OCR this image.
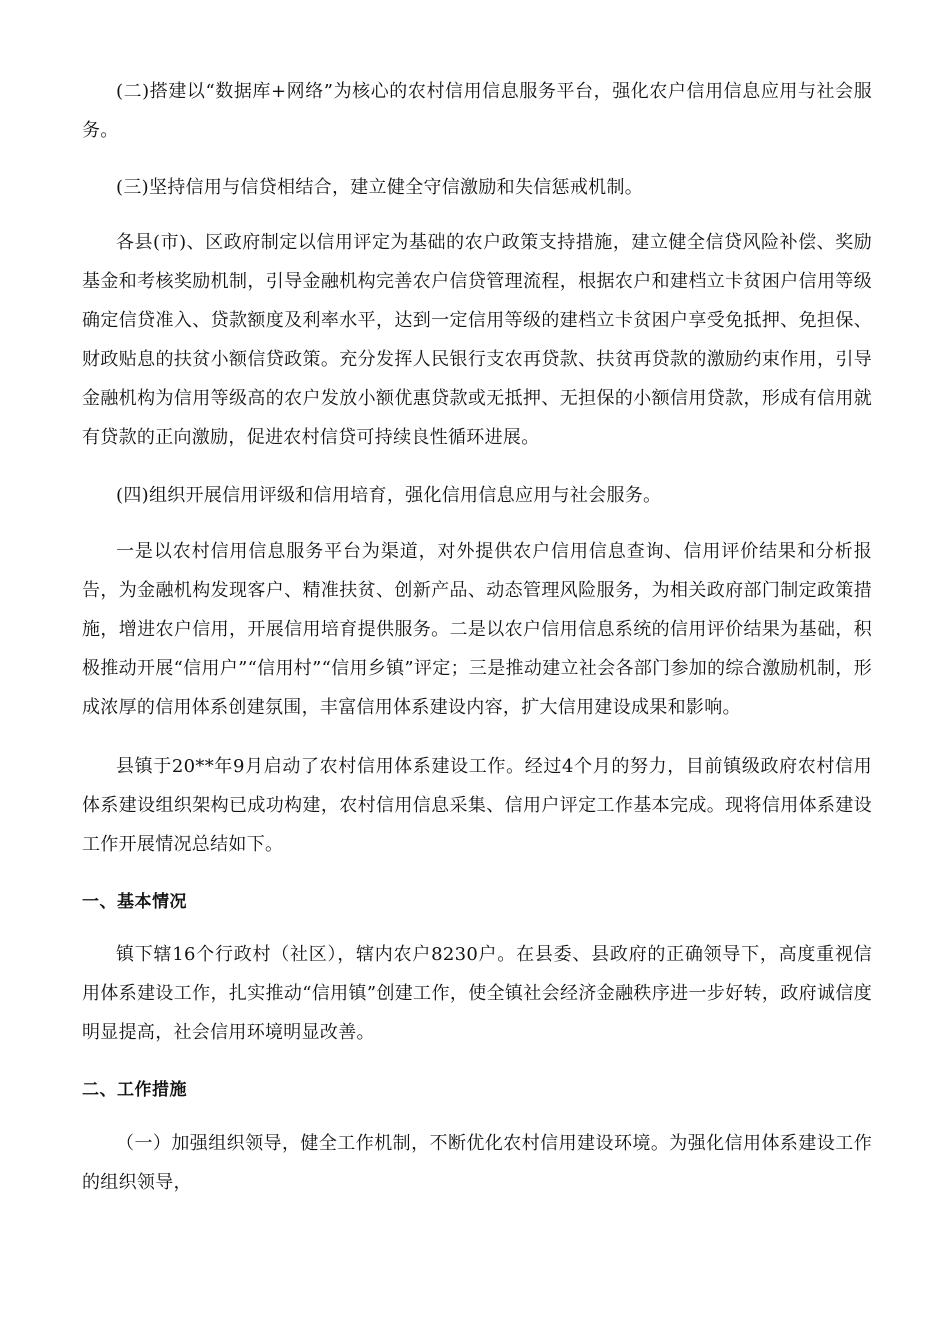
(二)搭建以“数据库+网络”为核心的农村信用信息服务平台，强化农户信用信息应用与社会服务。

(三)坚持信用与信贷相结合，建立健全守信激励和失信惩戒机制。

各县(市)、区政府制定以信用评定为基础的农户政策支持措施，建立健全信贷风险补偿、奖励基金和考核奖励机制，引导金融机构完善农户信贷管理流程，根据农户和建档立卡贫困户信用等级确定信贷准入、贷款额度及利率水平，达到一定信用等级的建档立卡贫困户享受免抵押、免担保、财政贴息的扶贫小额信贷政策。充分发挥人民银行支农再贷款、扶贫再贷款的激励约束作用，引导金融机构为信用等级高的农户发放小额优惠贷款或无抵押、无担保的小额信用贷款，形成有信用就有贷款的正向激励，促进农村信贷可持续良性循环进展。

(四)组织开展信用评级和信用培育，强化信用信息应用与社会服务。

一是以农村信用信息服务平台为渠道，对外提供农户信用信息查询、信用评价结果和分析报告，为金融机构发现客户、精准扶贫、创新产品、动态管理风险服务，为相关政府部门制定政策措施，增进农户信用，开展信用培育提供服务。二是以农户信用信息系统的信用评价结果为基础，积极推动开展“信用户”“信用村”“信用乡镇”评定；三是推动建立社会各部门参加的综合激励机制，形成浓厚的信用体系创建氛围，丰富信用体系建设内容，扩大信用建设成果和影响。

县镇于20**年9月启动了农村信用体系建设工作。经过4个月的努力，目前镇级政府农村信用体系建设组织架构已成功构建，农村信用信息采集、信用户评定工作基本完成。现将信用体系建设工作开展情况总结如下。

一、基本情况

镇下辖16个行政村（社区），辖内农户8230户。在县委、县政府的正确领导下，高度重视信用体系建设工作，扎实推动“信用镇”创建工作，使全镇社会经济金融秩序进一步好转，政府诚信度明显提高，社会信用环境明显改善。

二、工作措施

（一）加强组织领导，健全工作机制，不断优化农村信用建设环境。为强化信用体系建设工作的组织领导，
